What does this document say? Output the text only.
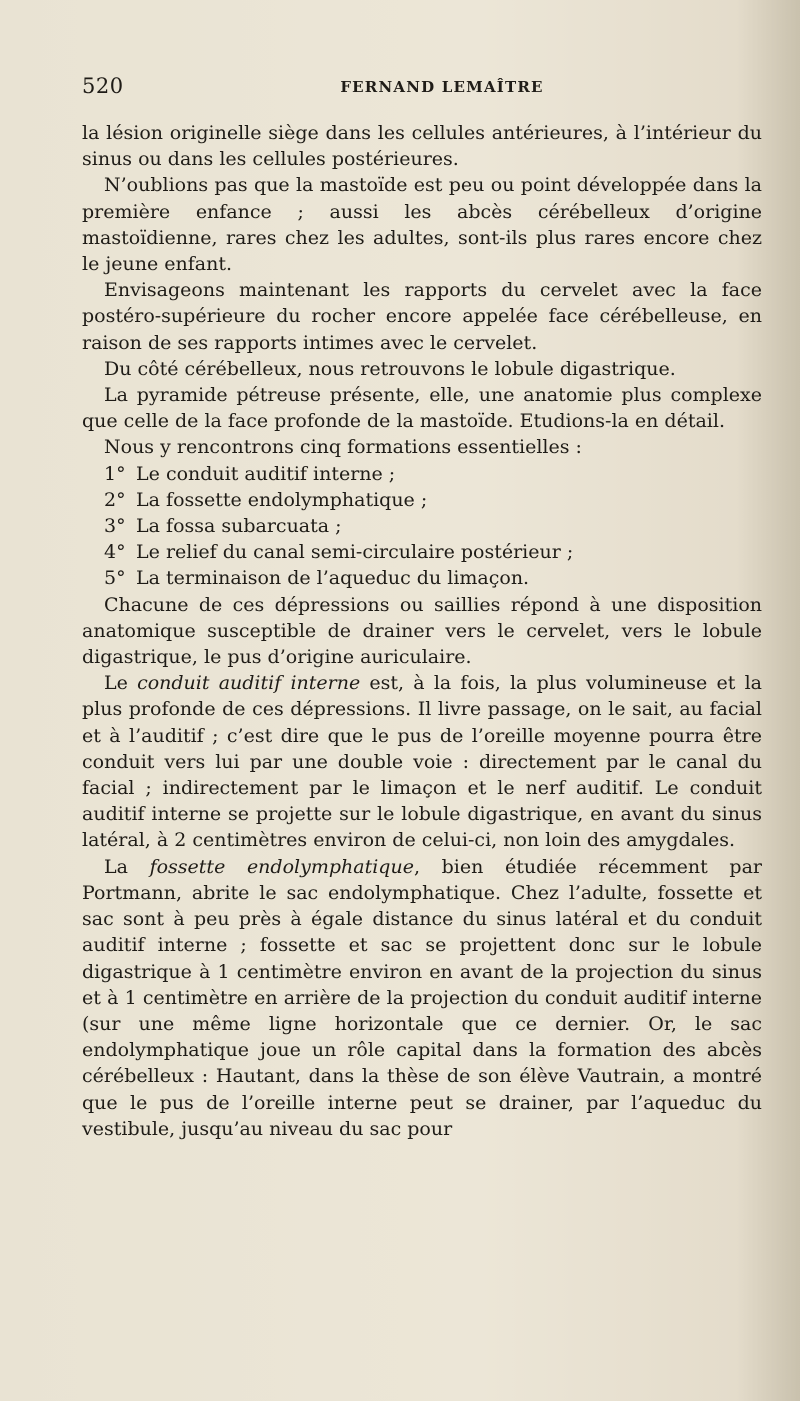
520	FERNAND LEMAÎTRE

la lésion originelle siège dans les cellules antérieures, à l’intérieur du sinus ou dans les cellules postérieures.

N’oublions pas que la mastoïde est peu ou point développée dans la première enfance ; aussi les abcès cérébelleux d’origine mastoïdienne, rares chez les adultes, sont-ils plus rares encore chez le jeune enfant.

Envisageons maintenant les rapports du cervelet avec la face postéro-supérieure du rocher encore appelée face cérébelleuse, en raison de ses rapports intimes avec le cervelet.

Du côté cérébelleux, nous retrouvons le lobule digastrique.

La pyramide pétreuse présente, elle, une anatomie plus complexe que celle de la face profonde de la mastoïde. Etudions-la en détail.

Nous y rencontrons cinq formations essentielles :

1° Le conduit auditif interne ;
2° La fossette endolymphatique ;
3° La fossa subarcuata ;
4° Le relief du canal semi-circulaire postérieur ;
5° La terminaison de l’aqueduc du limaçon.

Chacune de ces dépressions ou saillies répond à une disposition anatomique susceptible de drainer vers le cervelet, vers le lobule digastrique, le pus d’origine auriculaire.

Le conduit auditif interne est, à la fois, la plus volumineuse et la plus profonde de ces dépressions. Il livre passage, on le sait, au facial et à l’auditif ; c’est dire que le pus de l’oreille moyenne pourra être conduit vers lui par une double voie : directement par le canal du facial ; indirectement par le limaçon et le nerf auditif. Le conduit auditif interne se projette sur le lobule digastrique, en avant du sinus latéral, à 2 centimètres environ de celui-ci, non loin des amygdales.

La fossette endolymphatique, bien étudiée récemment par Portmann, abrite le sac endolymphatique. Chez l’adulte, fossette et sac sont à peu près à égale distance du sinus latéral et du conduit auditif interne ; fossette et sac se projettent donc sur le lobule digastrique à 1 centimètre environ en avant de la projection du sinus et à 1 centimètre en arrière de la projection du conduit auditif interne (sur une même ligne horizontale que ce dernier. Or, le sac endolymphatique joue un rôle capital dans la formation des abcès cérébelleux : Hautant, dans la thèse de son élève Vautrain, a montré que le pus de l’oreille interne peut se drainer, par l’aqueduc du vestibule, jusqu’au niveau du sac pour
